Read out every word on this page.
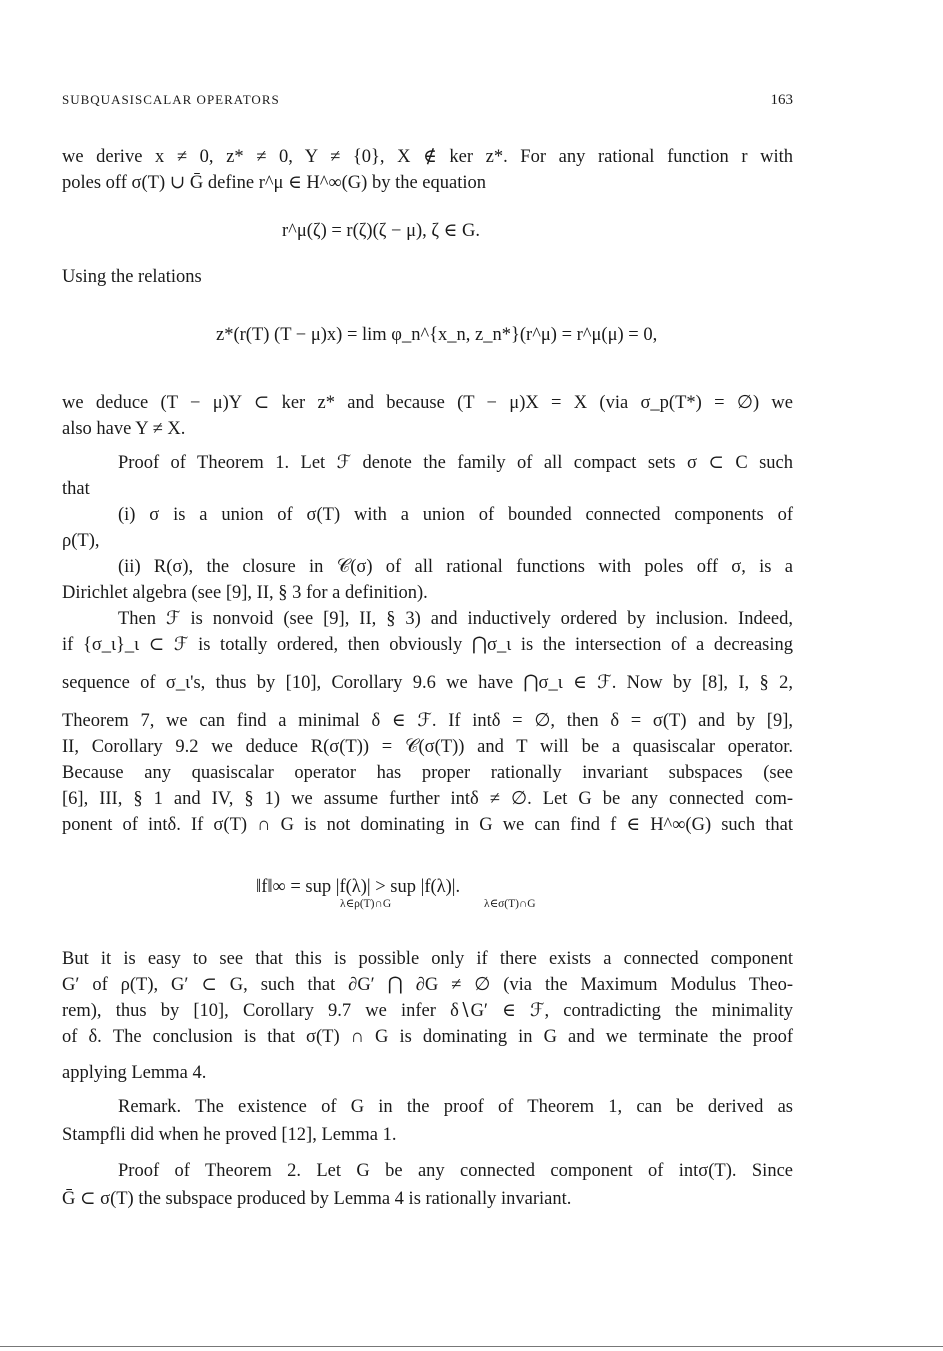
SUBQUASISCALAR OPERATORS	163
we derive x ≠ 0, z* ≠ 0, Y ≠ {0}, X ∉ ker z*. For any rational function r with
poles off σ(T) ∪ Ḡ define r^μ ∈ H^∞(G) by the equation
r^μ(ζ) = r(ζ)(ζ − μ), ζ ∈ G.
Using the relations
z*(r(T) (T − μ)x) = lim φ_n^{x_n, z_n*}(r^μ) = r^μ(μ) = 0,
we deduce (T − μ)Y ⊂ ker z* and because (T − μ)X = X (via σ_p(T*) = ∅) we
also have Y ≠ X.
Proof of Theorem 1. Let ℱ denote the family of all compact sets σ ⊂ C such
that
(i) σ is a union of σ(T) with a union of bounded connected components of
ρ(T),
(ii) R(σ), the closure in 𝒞(σ) of all rational functions with poles off σ, is a
Dirichlet algebra (see [9], II, § 3 for a definition).
Then ℱ is nonvoid (see [9], II, § 3) and inductively ordered by inclusion. Indeed,
if {σ_ι}_ι ⊂ ℱ is totally ordered, then obviously ⋂σ_ι is the intersection of a decreasing
sequence of σ_ι's, thus by [10], Corollary 9.6 we have ⋂σ_ι ∈ ℱ. Now by [8], I, § 2,
Theorem 7, we can find a minimal δ ∈ ℱ. If intδ = ∅, then δ = σ(T) and by [9],
II, Corollary 9.2 we deduce R(σ(T)) = 𝒞(σ(T)) and T will be a quasiscalar operator.
Because any quasiscalar operator has proper rationally invariant subspaces (see
[6], III, § 1 and IV, § 1) we assume further intδ ≠ ∅. Let G be any connected com-
ponent of intδ. If σ(T) ∩ G is not dominating in G we can find f ∈ H^∞(G) such that
‖f‖∞ = sup |f(λ)| > sup |f(λ)|.
λ∈ρ(T)∩G	λ∈σ(T)∩G
But it is easy to see that this is possible only if there exists a connected component
G′ of ρ(T), G′ ⊂ G, such that ∂G′ ⋂ ∂G ≠ ∅ (via the Maximum Modulus Theo-
rem), thus by [10], Corollary 9.7 we infer δ∖G′ ∈ ℱ, contradicting the minimality
of δ. The conclusion is that σ(T) ∩ G is dominating in G and we terminate the proof
applying Lemma 4.
Remark. The existence of G in the proof of Theorem 1, can be derived as
Stampfli did when he proved [12], Lemma 1.
Proof of Theorem 2. Let G be any connected component of intσ(T). Since
Ḡ ⊂ σ(T) the subspace produced by Lemma 4 is rationally invariant.
